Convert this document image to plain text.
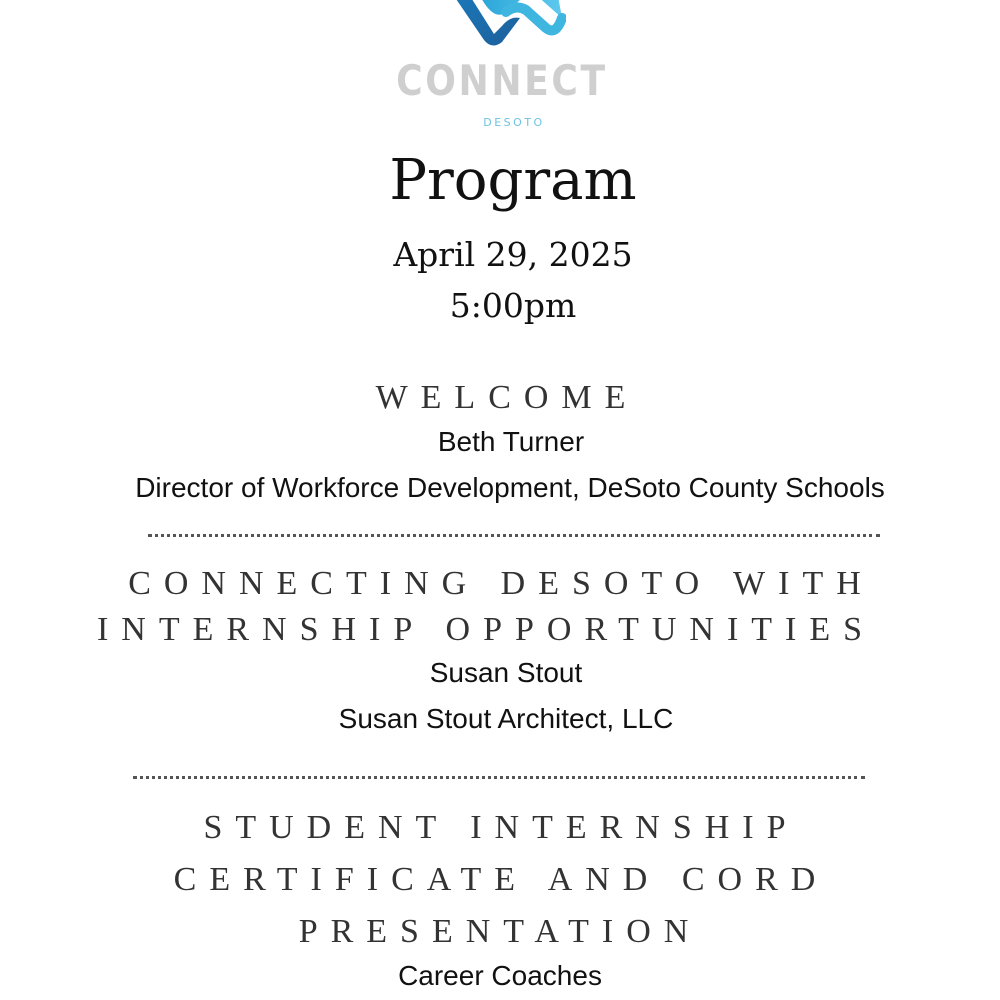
CONNECT
DESOTO
Program
April 29, 2025
5:00pm
WELCOME
Beth Turner
Director of Workforce Development, DeSoto County Schools
CONNECTING DESOTO WITH
INTERNSHIP OPPORTUNITIES
Susan Stout
Susan Stout Architect, LLC
STUDENT INTERNSHIP
CERTIFICATE AND CORD
PRESENTATION
Career Coaches
